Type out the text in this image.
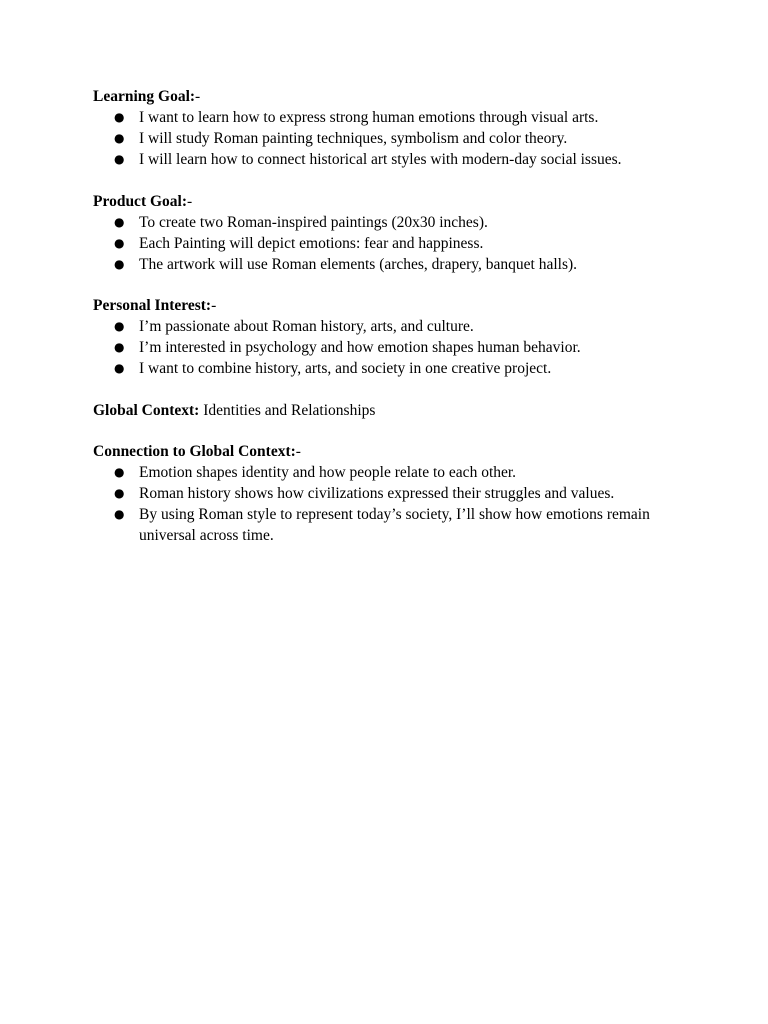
Learning Goal:-

● I want to learn how to express strong human emotions through visual arts.
● I will study Roman painting techniques, symbolism and color theory.
● I will learn how to connect historical art styles with modern-day social issues.

Product Goal:-

● To create two Roman-inspired paintings (20x30 inches).
● Each Painting will depict emotions: fear and happiness.
● The artwork will use Roman elements (arches, drapery, banquet halls).

Personal Interest:-

● I’m passionate about Roman history, arts, and culture.
● I’m interested in psychology and how emotion shapes human behavior.
● I want to combine history, arts, and society in one creative project.

Global Context: Identities and Relationships

Connection to Global Context:-

● Emotion shapes identity and how people relate to each other.
● Roman history shows how civilizations expressed their struggles and values.
● By using Roman style to represent today’s society, I’ll show how emotions remain universal across time.
